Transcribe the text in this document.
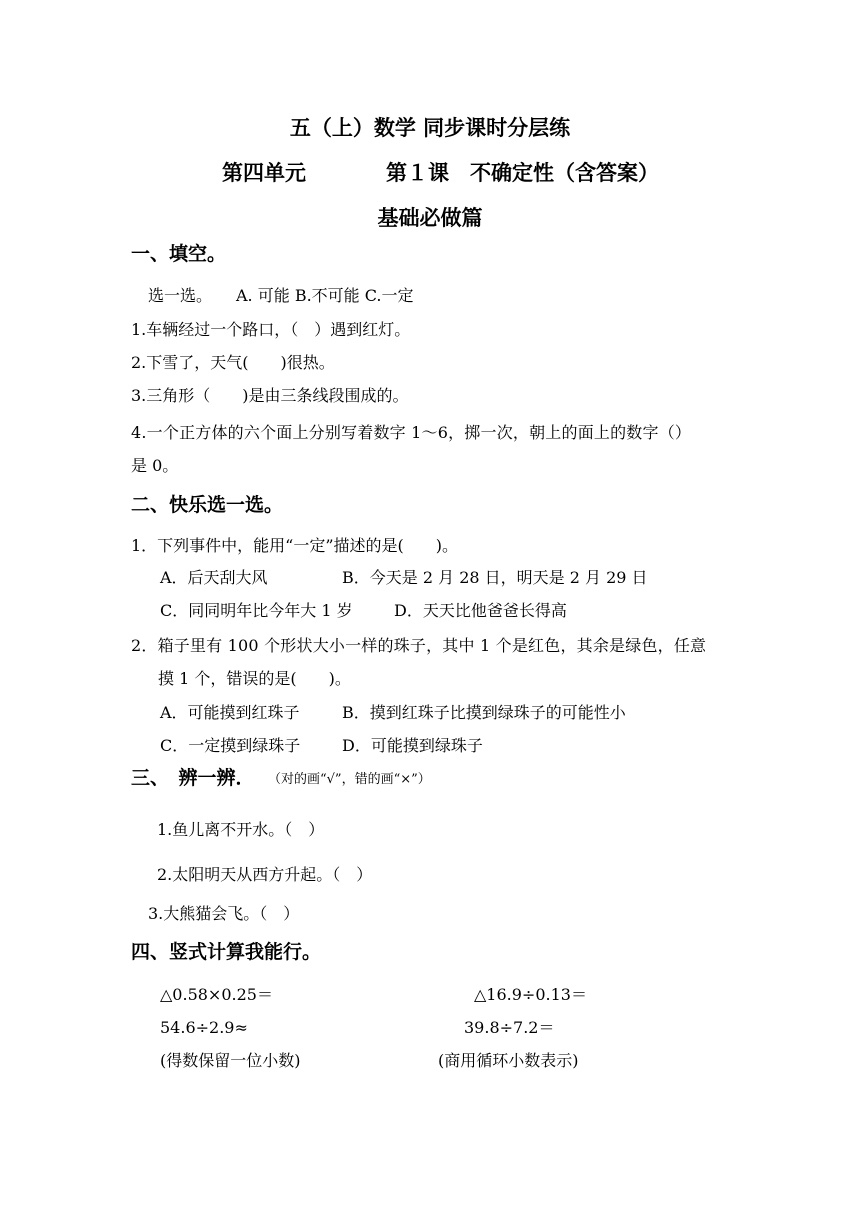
五（上）数学 同步课时分层练
第四单元	第１课　不确定性（含答案）
基础必做篇
一、填空。
选一选。　　A. 可能 B.不可能 C.一定
1.车辆经过一个路口，（　）遇到红灯。
2.下雪了，天气(　　)很热。
3.三角形（　　)是由三条线段围成的。
4.一个正方体的六个面上分别写着数字 1～6，掷一次，朝上的面上的数字（）
是 0。
二、快乐选一选。
1．下列事件中，能用“一定”描述的是(　　)。
A．后天刮大风	B．今天是 2 月 28 日，明天是 2 月 29 日
C．同同明年比今年大 1 岁	D．天天比他爸爸长得高
2．箱子里有 100 个形状大小一样的珠子，其中 1 个是红色，其余是绿色，任意
摸 1 个，错误的是(　　)。
A．可能摸到红珠子	B．摸到红珠子比摸到绿珠子的可能性小
C．一定摸到绿珠子	D．可能摸到绿珠子
三、　辨一辨． （对的画“√”，错的画“×”）
1.鱼儿离不开水。（　）
2.太阳明天从西方升起。（　）
3.大熊猫会飞。（　）
四、竖式计算我能行。
△0.58×0.25＝	△16.9÷0.13＝
54.6÷2.9≈	39.8÷7.2＝
(得数保留一位小数)	(商用循环小数表示)
